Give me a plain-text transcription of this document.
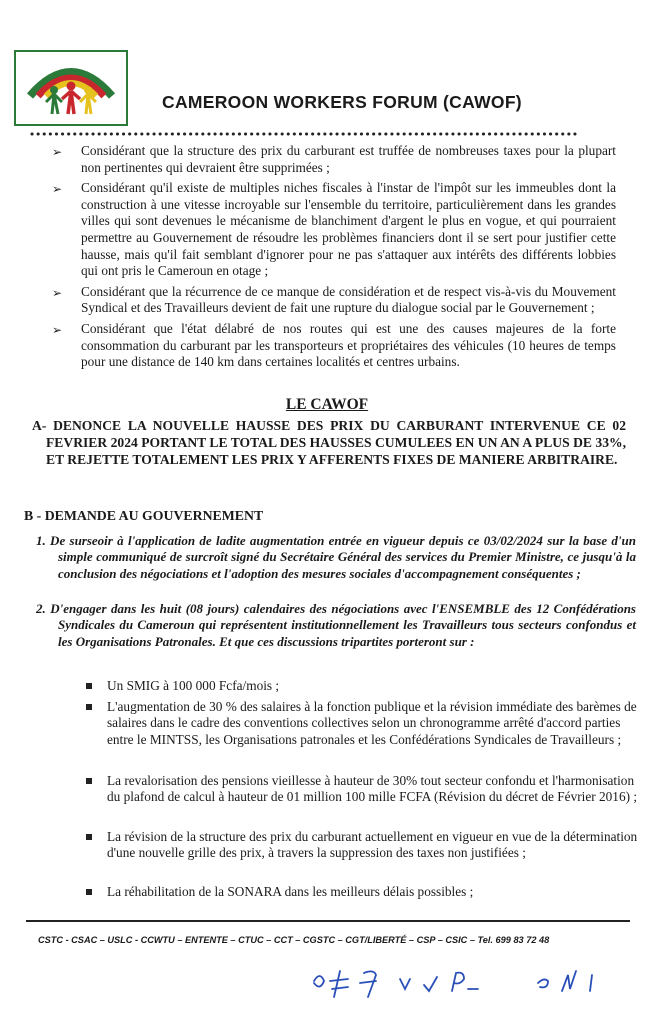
CAMEROON WORKERS FORUM (CAWOF)
➢ Considérant que la structure des prix du carburant est truffée de nombreuses taxes pour la plupart non pertinentes qui devraient être supprimées ;
➢ Considérant qu'il existe de multiples niches fiscales à l'instar de l'impôt sur les immeubles dont la construction à une vitesse incroyable sur l'ensemble du territoire, particulièrement dans les grandes villes qui sont devenues le mécanisme de blanchiment d'argent le plus en vogue, et qui pourraient permettre au Gouvernement de résoudre les problèmes financiers dont il se sert pour justifier cette hausse, mais qu'il fait semblant d'ignorer pour ne pas s'attaquer aux intérêts des différents lobbies qui ont pris le Cameroun en otage ;
➢ Considérant que la récurrence de ce manque de considération et de respect vis-à-vis du Mouvement Syndical et des Travailleurs devient de fait une rupture du dialogue social par le Gouvernement ;
➢ Considérant que l'état délabré de nos routes qui est une des causes majeures de la forte consommation du carburant par les transporteurs et propriétaires des véhicules (10 heures de temps pour une distance de 140 km dans certaines localités et centres urbains.
LE CAWOF
A- DENONCE LA NOUVELLE HAUSSE DES PRIX DU CARBURANT INTERVENUE CE 02 FEVRIER 2024 PORTANT LE TOTAL DES HAUSSES CUMULEES EN UN AN A PLUS DE 33%, ET REJETTE TOTALEMENT LES PRIX Y AFFERENTS FIXES DE MANIERE ARBITRAIRE.
B - DEMANDE AU GOUVERNEMENT
1. De surseoir à l'application de ladite augmentation entrée en vigueur depuis ce 03/02/2024 sur la base d'un simple communiqué de surcroît signé du Secrétaire Général des services du Premier Ministre, ce jusqu'à la conclusion des négociations et l'adoption des mesures sociales d'accompagnement conséquentes ;
2. D'engager dans les huit (08 jours) calendaires des négociations avec l'ENSEMBLE des 12 Confédérations Syndicales du Cameroun qui représentent institutionnellement les Travailleurs tous secteurs confondus et les Organisations Patronales. Et que ces discussions tripartites porteront sur :
Un SMIG à 100 000 Fcfa/mois ;
L'augmentation de 30 % des salaires à la fonction publique et la révision immédiate des barèmes de salaires dans le cadre des conventions collectives selon un chronogramme arrêté d'accord parties entre le MINTSS, les Organisations patronales et les Confédérations Syndicales de Travailleurs ;
La revalorisation des pensions vieillesse à hauteur de 30% tout secteur confondu et l'harmonisation du plafond de calcul à hauteur de 01 million 100 mille FCFA (Révision du décret de Février 2016) ;
La révision de la structure des prix du carburant actuellement en vigueur en vue de la détermination d'une nouvelle grille des prix, à travers la suppression des taxes non justifiées ;
La réhabilitation de la SONARA dans les meilleurs délais possibles ;
CSTC - CSAC – USLC - CCWTU – ENTENTE – CTUC – CCT – CGSTC – CGT/LIBERTÉ – CSP – CSIC – Tel. 699 83 72 48
